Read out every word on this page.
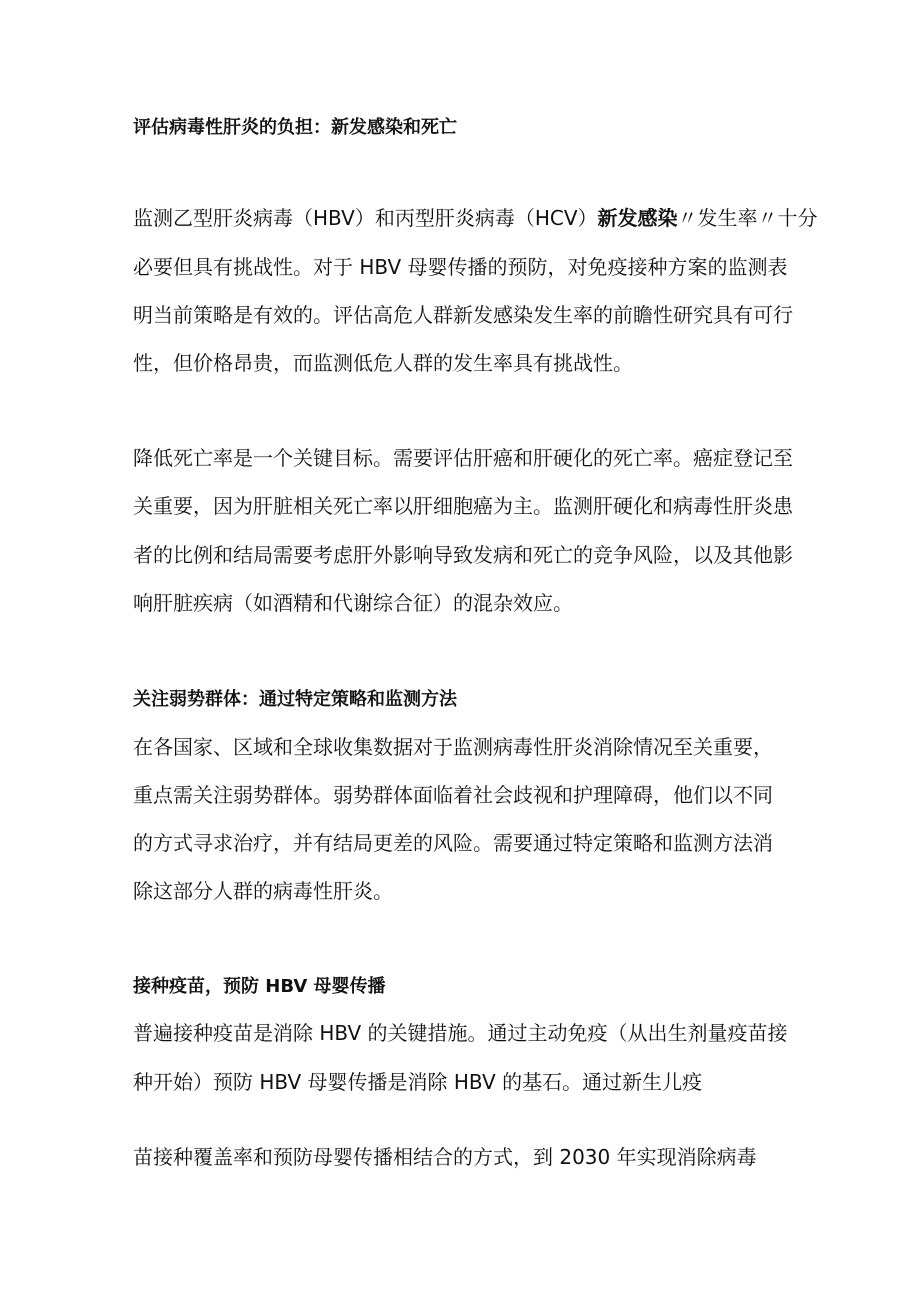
评估病毒性肝炎的负担：新发感染和死亡
监测乙型肝炎病毒（HBV）和丙型肝炎病毒（HCV）新发感染〃发生率〃十分
必要但具有挑战性。对于 HBV 母婴传播的预防，对免疫接种方案的监测表
明当前策略是有效的。评估高危人群新发感染发生率的前瞻性研究具有可行
性，但价格昂贵，而监测低危人群的发生率具有挑战性。
降低死亡率是一个关键目标。需要评估肝癌和肝硬化的死亡率。癌症登记至
关重要，因为肝脏相关死亡率以肝细胞癌为主。监测肝硬化和病毒性肝炎患
者的比例和结局需要考虑肝外影响导致发病和死亡的竞争风险，以及其他影
响肝脏疾病（如酒精和代谢综合征）的混杂效应。
关注弱势群体：通过特定策略和监测方法
在各国家、区域和全球收集数据对于监测病毒性肝炎消除情况至关重要，
重点需关注弱势群体。弱势群体面临着社会歧视和护理障碍，他们以不同
的方式寻求治疗，并有结局更差的风险。需要通过特定策略和监测方法消
除这部分人群的病毒性肝炎。
接种疫苗，预防 HBV 母婴传播
普遍接种疫苗是消除 HBV 的关键措施。通过主动免疫（从出生剂量疫苗接
种开始）预防 HBV 母婴传播是消除 HBV 的基石。通过新生儿疫
苗接种覆盖率和预防母婴传播相结合的方式，到 2030 年实现消除病毒
